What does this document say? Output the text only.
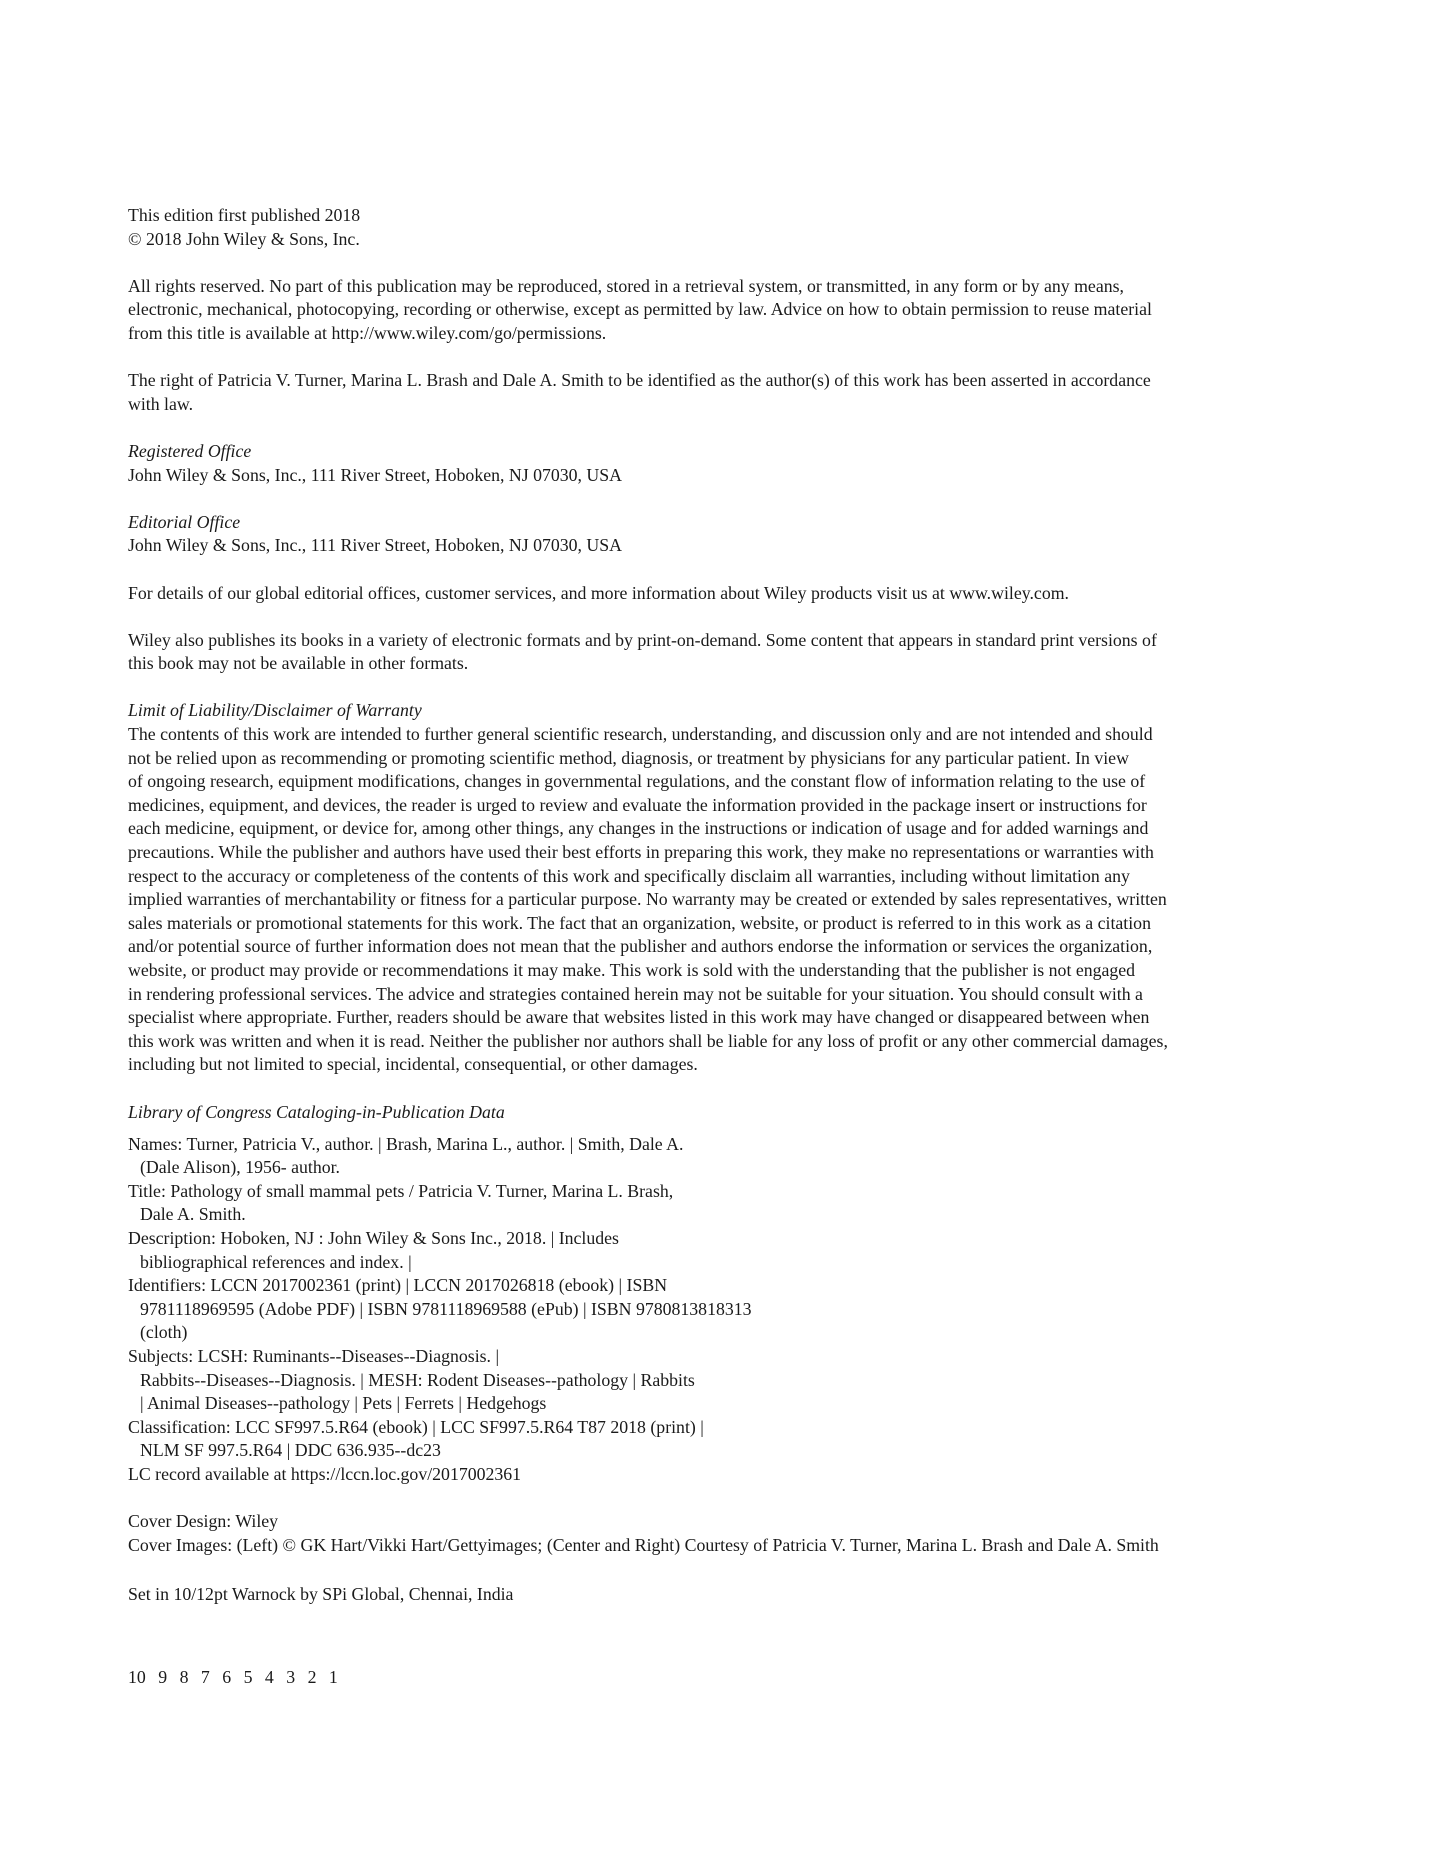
This edition first published 2018
© 2018 John Wiley & Sons, Inc.

All rights reserved. No part of this publication may be reproduced, stored in a retrieval system, or transmitted, in any form or by any means,
electronic, mechanical, photocopying, recording or otherwise, except as permitted by law. Advice on how to obtain permission to reuse material
from this title is available at http://www.wiley.com/go/permissions.

The right of Patricia V. Turner, Marina L. Brash and Dale A. Smith to be identified as the author(s) of this work has been asserted in accordance
with law.

Registered Office
John Wiley & Sons, Inc., 111 River Street, Hoboken, NJ 07030, USA

Editorial Office
John Wiley & Sons, Inc., 111 River Street, Hoboken, NJ 07030, USA

For details of our global editorial offices, customer services, and more information about Wiley products visit us at www.wiley.com.

Wiley also publishes its books in a variety of electronic formats and by print-on-demand. Some content that appears in standard print versions of
this book may not be available in other formats.

Limit of Liability/Disclaimer of Warranty
The contents of this work are intended to further general scientific research, understanding, and discussion only and are not intended and should
not be relied upon as recommending or promoting scientific method, diagnosis, or treatment by physicians for any particular patient. In view
of ongoing research, equipment modifications, changes in governmental regulations, and the constant flow of information relating to the use of
medicines, equipment, and devices, the reader is urged to review and evaluate the information provided in the package insert or instructions for
each medicine, equipment, or device for, among other things, any changes in the instructions or indication of usage and for added warnings and
precautions. While the publisher and authors have used their best efforts in preparing this work, they make no representations or warranties with
respect to the accuracy or completeness of the contents of this work and specifically disclaim all warranties, including without limitation any
implied warranties of merchantability or fitness for a particular purpose. No warranty may be created or extended by sales representatives, written
sales materials or promotional statements for this work. The fact that an organization, website, or product is referred to in this work as a citation
and/or potential source of further information does not mean that the publisher and authors endorse the information or services the organization,
website, or product may provide or recommendations it may make. This work is sold with the understanding that the publisher is not engaged
in rendering professional services. The advice and strategies contained herein may not be suitable for your situation. You should consult with a
specialist where appropriate. Further, readers should be aware that websites listed in this work may have changed or disappeared between when
this work was written and when it is read. Neither the publisher nor authors shall be liable for any loss of profit or any other commercial damages,
including but not limited to special, incidental, consequential, or other damages.

Library of Congress Cataloging-in-Publication Data

Names: Turner, Patricia V., author. | Brash, Marina L., author. | Smith, Dale A.
(Dale Alison), 1956- author.
Title: Pathology of small mammal pets / Patricia V. Turner, Marina L. Brash,
Dale A. Smith.
Description: Hoboken, NJ : John Wiley & Sons Inc., 2018. | Includes
bibliographical references and index. |
Identifiers: LCCN 2017002361 (print) | LCCN 2017026818 (ebook) | ISBN
9781118969595 (Adobe PDF) | ISBN 9781118969588 (ePub) | ISBN 9780813818313
(cloth)
Subjects: LCSH: Ruminants--Diseases--Diagnosis. |
Rabbits--Diseases--Diagnosis. | MESH: Rodent Diseases--pathology | Rabbits
| Animal Diseases--pathology | Pets | Ferrets | Hedgehogs
Classification: LCC SF997.5.R64 (ebook) | LCC SF997.5.R64 T87 2018 (print) |
NLM SF 997.5.R64 | DDC 636.935--dc23
LC record available at https://lccn.loc.gov/2017002361

Cover Design: Wiley
Cover Images: (Left) © GK Hart/Vikki Hart/Gettyimages; (Center and Right) Courtesy of Patricia V. Turner, Marina L. Brash and Dale A. Smith

Set in 10/12pt Warnock by SPi Global, Chennai, India

10 9 8 7 6 5 4 3 2 1
